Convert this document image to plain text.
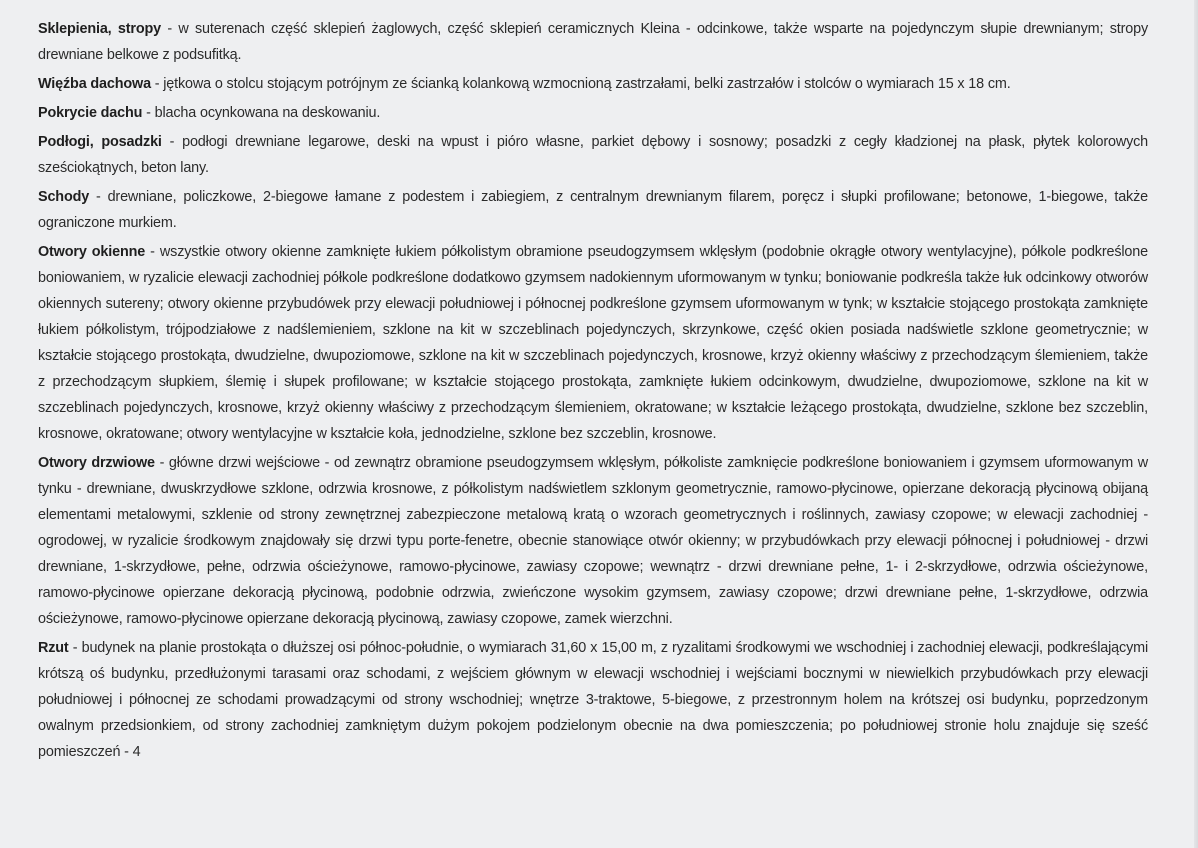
Sklepienia, stropy - w suterenach część sklepień żaglowych, część sklepień ceramicznych Kleina - odcinkowe, także wsparte na pojedynczym słupie drewnianym; stropy drewniane belkowe z podsufitką.

Więźba dachowa - jętkowa o stolcu stojącym potrójnym ze ścianką kolankową wzmocnioną zastrzałami, belki zastrzałów i stolców o wymiarach 15 x 18 cm.

Pokrycie dachu - blacha ocynkowana na deskowaniu.

Podłogi, posadzki - podłogi drewniane legarowe, deski na wpust i pióro własne, parkiet dębowy i sosnowy; posadzki z cegły kładzionej na płask, płytek kolorowych sześciokątnych, beton lany.

Schody - drewniane, policzkowe, 2-biegowe łamane z podestem i zabiegiem, z centralnym drewnianym filarem, poręcz i słupki profilowane; betonowe, 1-biegowe, także ograniczone murkiem.

Otwory okienne - wszystkie otwory okienne zamknięte łukiem półkolistym obramione pseudogzymsem wklęsłym (podobnie okrągłe otwory wentylacyjne), półkole podkreślone boniowaniem, w ryzalicie elewacji zachodniej półkole podkreślone dodatkowo gzymsem nadokiennym uformowanym w tynku; boniowanie podkreśla także łuk odcinkowy otworów okiennych sutereny; otwory okienne przybudówek przy elewacji południowej i północnej podkreślone gzymsem uformowanym w tynk; w kształcie stojącego prostokąta zamknięte łukiem półkolistym, trójpodziałowe z nadślemieniem, szklone na kit w szczeblinach pojedynczych, skrzynkowe, część okien posiada nadświetle szklone geometrycznie; w kształcie stojącego prostokąta, dwudzielne, dwupoziomowe, szklone na kit w szczeblinach pojedynczych, krosnowe, krzyż okienny właściwy z przechodzącym ślemieniem, także z przechodzącym słupkiem, ślemię i słupek profilowane; w kształcie stojącego prostokąta, zamknięte łukiem odcinkowym, dwudzielne, dwupoziomowe, szklone na kit w szczeblinach pojedynczych, krosnowe, krzyż okienny właściwy z przechodzącym ślemieniem, okratowane; w kształcie leżącego prostokąta, dwudzielne, szklone bez szczeblin, krosnowe, okratowane; otwory wentylacyjne w kształcie koła, jednodzielne, szklone bez szczeblin, krosnowe.

Otwory drzwiowe - główne drzwi wejściowe - od zewnątrz obramione pseudogzymsem wklęsłym, półkoliste zamknięcie podkreślone boniowaniem i gzymsem uformowanym w tynku - drewniane, dwuskrzydłowe szklone, odrzwia krosnowe, z półkolistym nadświetlem szklonym geometrycznie, ramowo-płycinowe, opierzane dekoracją płycinową obijaną elementami metalowymi, szklenie od strony zewnętrznej zabezpieczone metalową kratą o wzorach geometrycznych i roślinnych, zawiasy czopowe; w elewacji zachodniej - ogrodowej, w ryzalicie środkowym znajdowały się drzwi typu porte-fenetre, obecnie stanowiące otwór okienny; w przybudówkach przy elewacji północnej i południowej - drzwi drewniane, 1-skrzydłowe, pełne, odrzwia ościeżynowe, ramowo-płycinowe, zawiasy czopowe; wewnątrz - drzwi drewniane pełne, 1- i 2-skrzydłowe, odrzwia ościeżynowe, ramowo-płycinowe opierzane dekoracją płycinową, podobnie odrzwia, zwieńczone wysokim gzymsem, zawiasy czopowe; drzwi drewniane pełne, 1-skrzydłowe, odrzwia ościeżynowe, ramowo-płycinowe opierzane dekoracją płycinową, zawiasy czopowe, zamek wierzchni.

Rzut - budynek na planie prostokąta o dłuższej osi północ-południe, o wymiarach 31,60 x 15,00 m, z ryzalitami środkowymi we wschodniej i zachodniej elewacji, podkreślającymi krótszą oś budynku, przedłużonymi tarasami oraz schodami, z wejściem głównym w elewacji wschodniej i wejściami bocznymi w niewielkich przybudówkach przy elewacji południowej i północnej ze schodami prowadzącymi od strony wschodniej; wnętrze 3-traktowe, 5-biegowe, z przestronnym holem na krótszej osi budynku, poprzedzonym owalnym przedsionkiem, od strony zachodniej zamkniętym dużym pokojem podzielonym obecnie na dwa pomieszczenia; po południowej stronie holu znajduje się sześć pomieszczeń - 4
